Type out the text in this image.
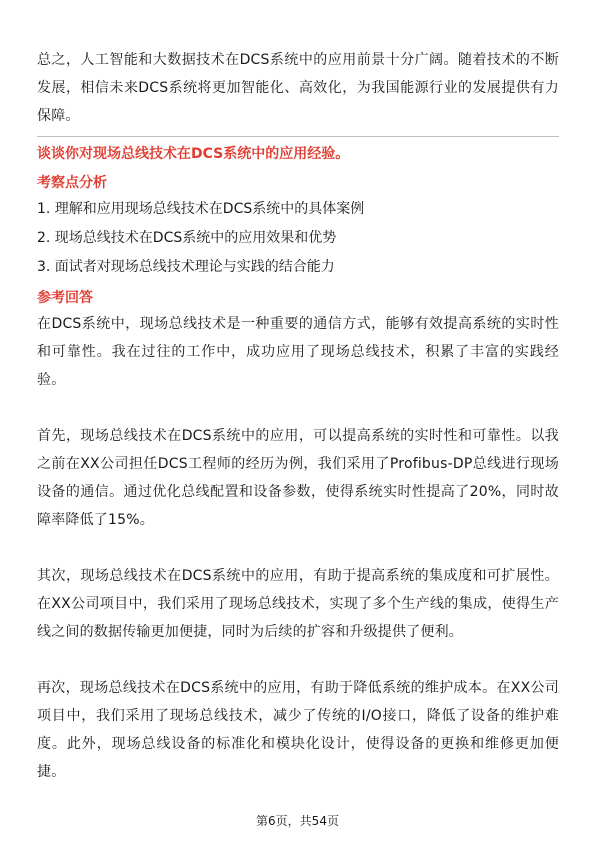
总之，人工智能和大数据技术在DCS系统中的应用前景十分广阔。随着技术的不断发展，相信未来DCS系统将更加智能化、高效化，为我国能源行业的发展提供有力保障。

谈谈你对现场总线技术在DCS系统中的应用经验。

考察点分析

1. 理解和应用现场总线技术在DCS系统中的具体案例
2. 现场总线技术在DCS系统中的应用效果和优势
3. 面试者对现场总线技术理论与实践的结合能力

参考回答

在DCS系统中，现场总线技术是一种重要的通信方式，能够有效提高系统的实时性和可靠性。我在过往的工作中，成功应用了现场总线技术，积累了丰富的实践经验。

首先，现场总线技术在DCS系统中的应用，可以提高系统的实时性和可靠性。以我之前在XX公司担任DCS工程师的经历为例，我们采用了Profibus-DP总线进行现场设备的通信。通过优化总线配置和设备参数，使得系统实时性提高了20%，同时故障率降低了15%。

其次，现场总线技术在DCS系统中的应用，有助于提高系统的集成度和可扩展性。在XX公司项目中，我们采用了现场总线技术，实现了多个生产线的集成，使得生产线之间的数据传输更加便捷，同时为后续的扩容和升级提供了便利。

再次，现场总线技术在DCS系统中的应用，有助于降低系统的维护成本。在XX公司项目中，我们采用了现场总线技术，减少了传统的I/O接口，降低了设备的维护难度。此外，现场总线设备的标准化和模块化设计，使得设备的更换和维修更加便捷。

第6页，共54页
